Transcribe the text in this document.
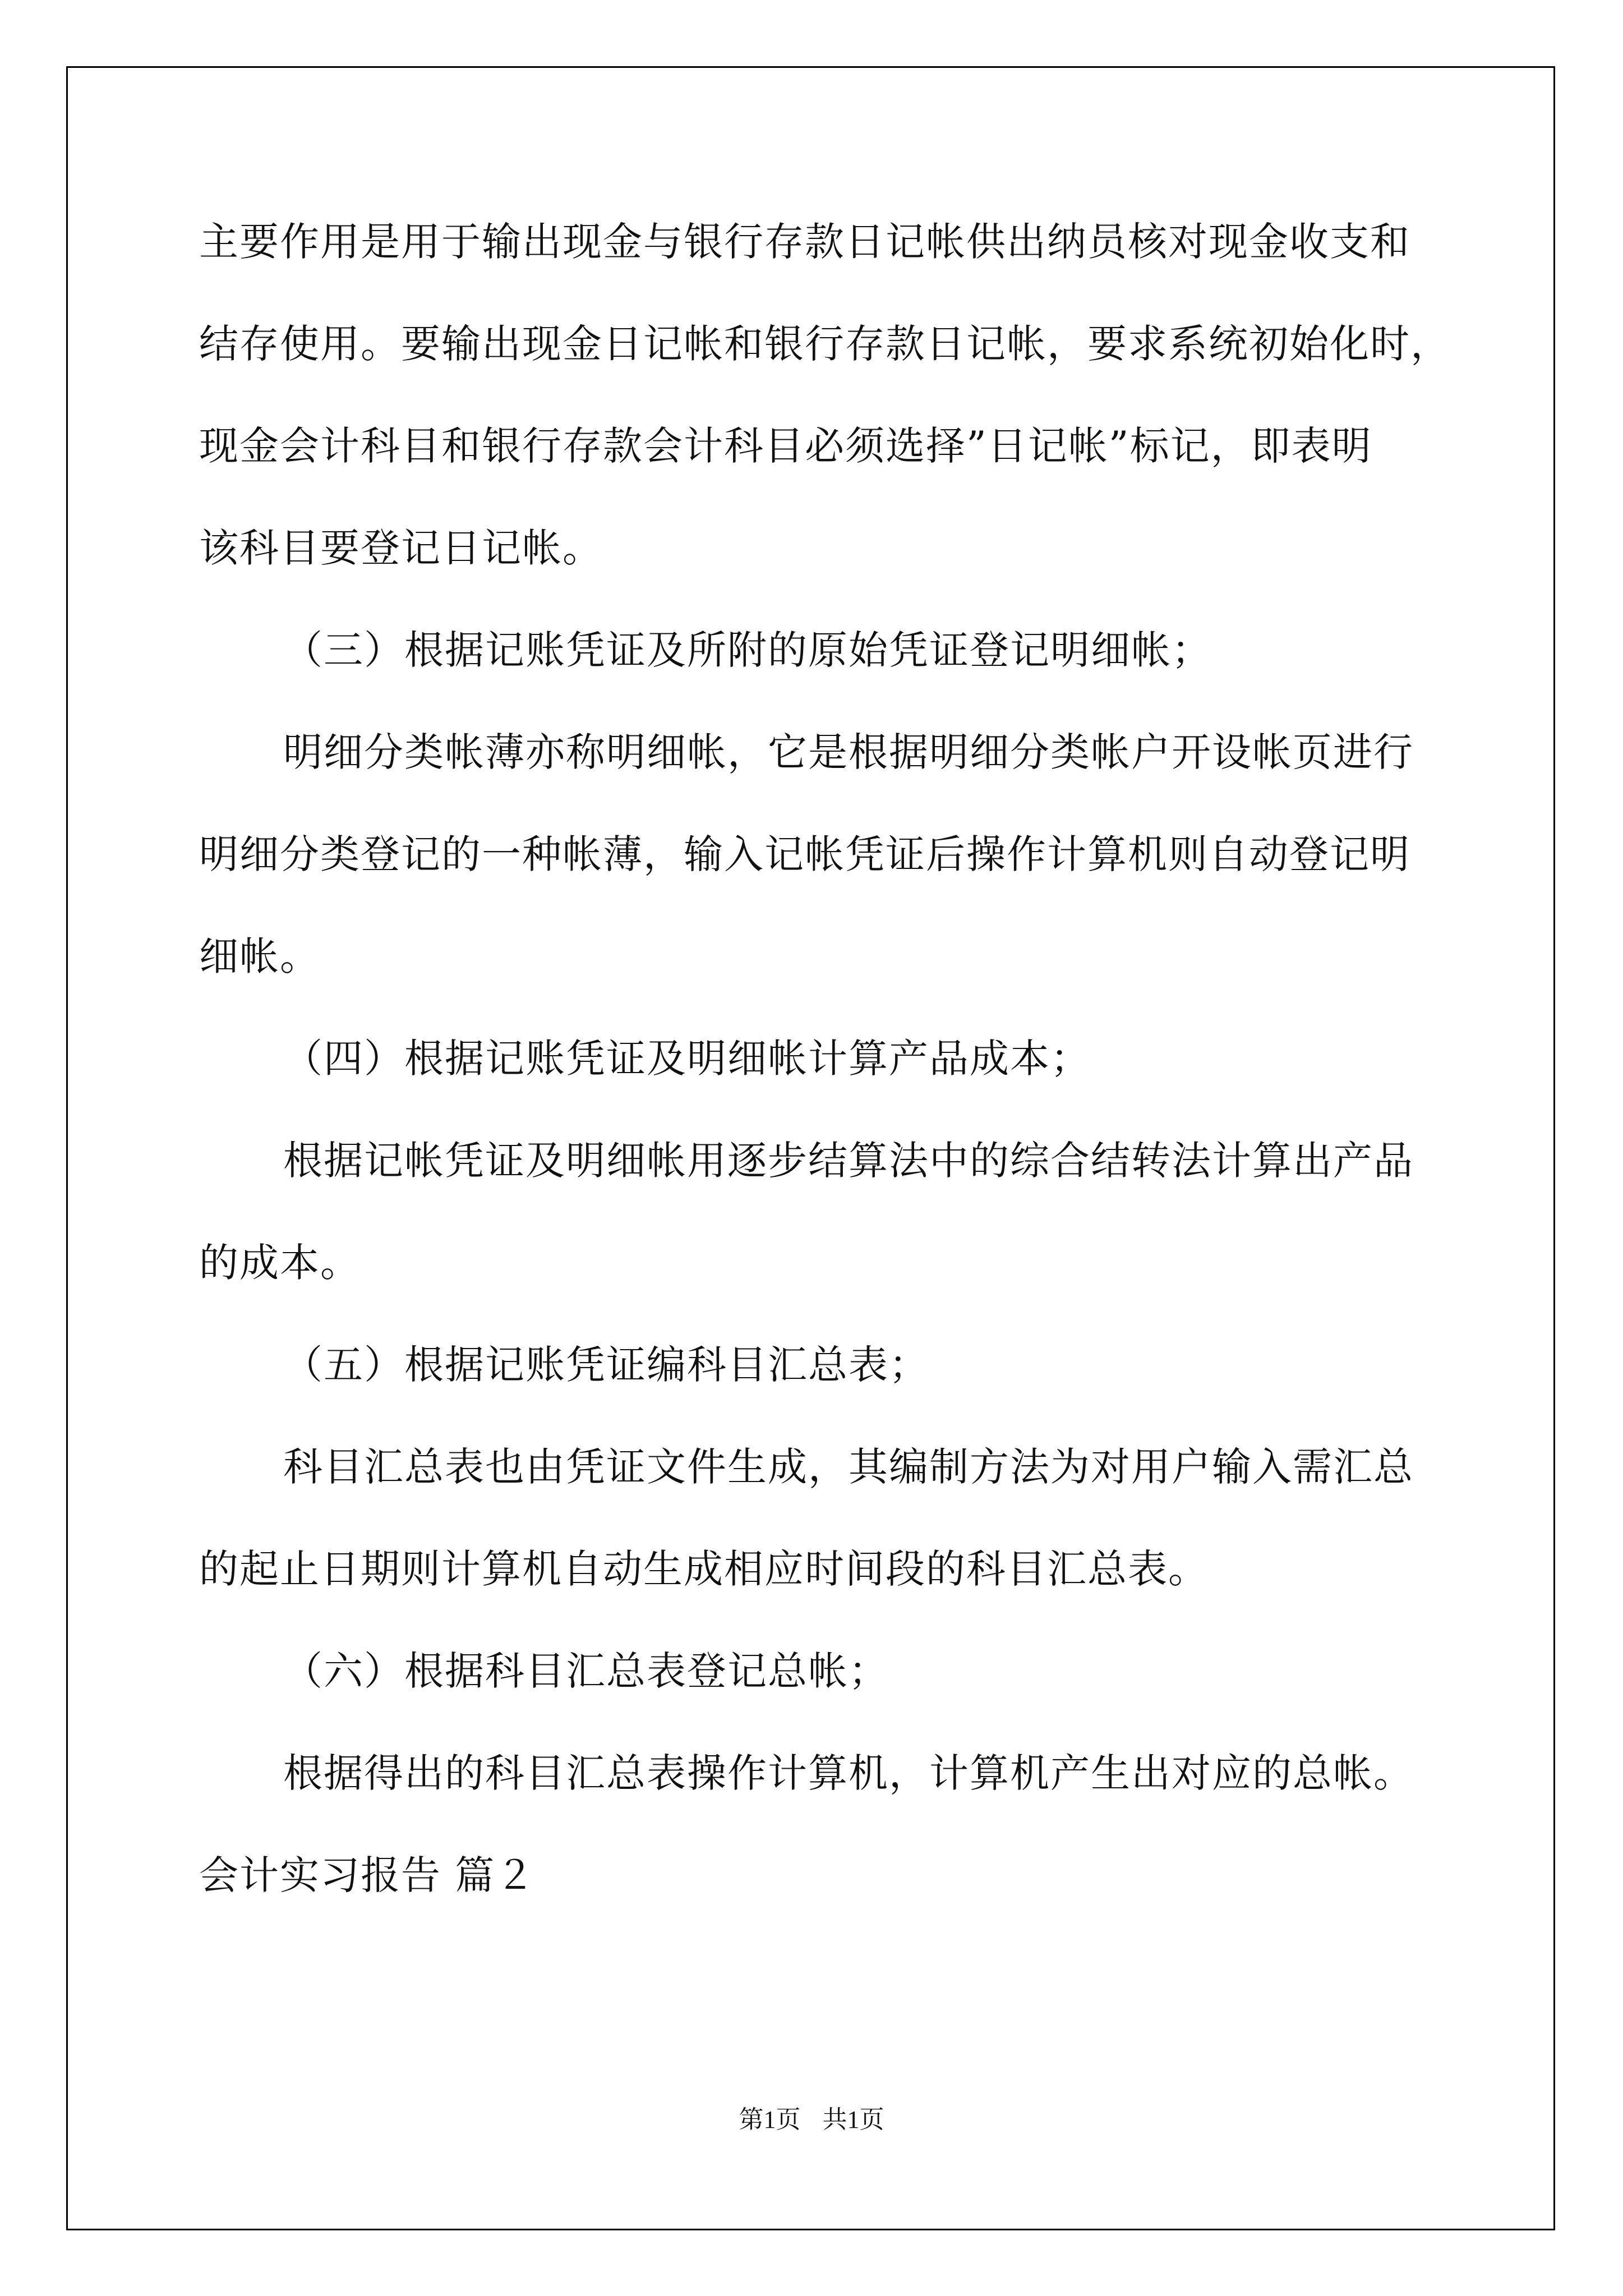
主要作用是用于输出现金与银行存款日记帐供出纳员核对现金收支和
结存使用。要输出现金日记帐和银行存款日记帐，要求系统初始化时，
现金会计科目和银行存款会计科目必须选择”日记帐”标记，即表明
该科目要登记日记帐。
（三）根据记账凭证及所附的原始凭证登记明细帐；
明细分类帐薄亦称明细帐，它是根据明细分类帐户开设帐页进行
明细分类登记的一种帐薄，输入记帐凭证后操作计算机则自动登记明
细帐。
（四）根据记账凭证及明细帐计算产品成本；
根据记帐凭证及明细帐用逐步结算法中的综合结转法计算出产品
的成本。
（五）根据记账凭证编科目汇总表；
科目汇总表也由凭证文件生成，其编制方法为对用户输入需汇总
的起止日期则计算机自动生成相应时间段的科目汇总表。
（六）根据科目汇总表登记总帐；
根据得出的科目汇总表操作计算机，计算机产生出对应的总帐。
会计实习报告 篇２
第1页 共1页
